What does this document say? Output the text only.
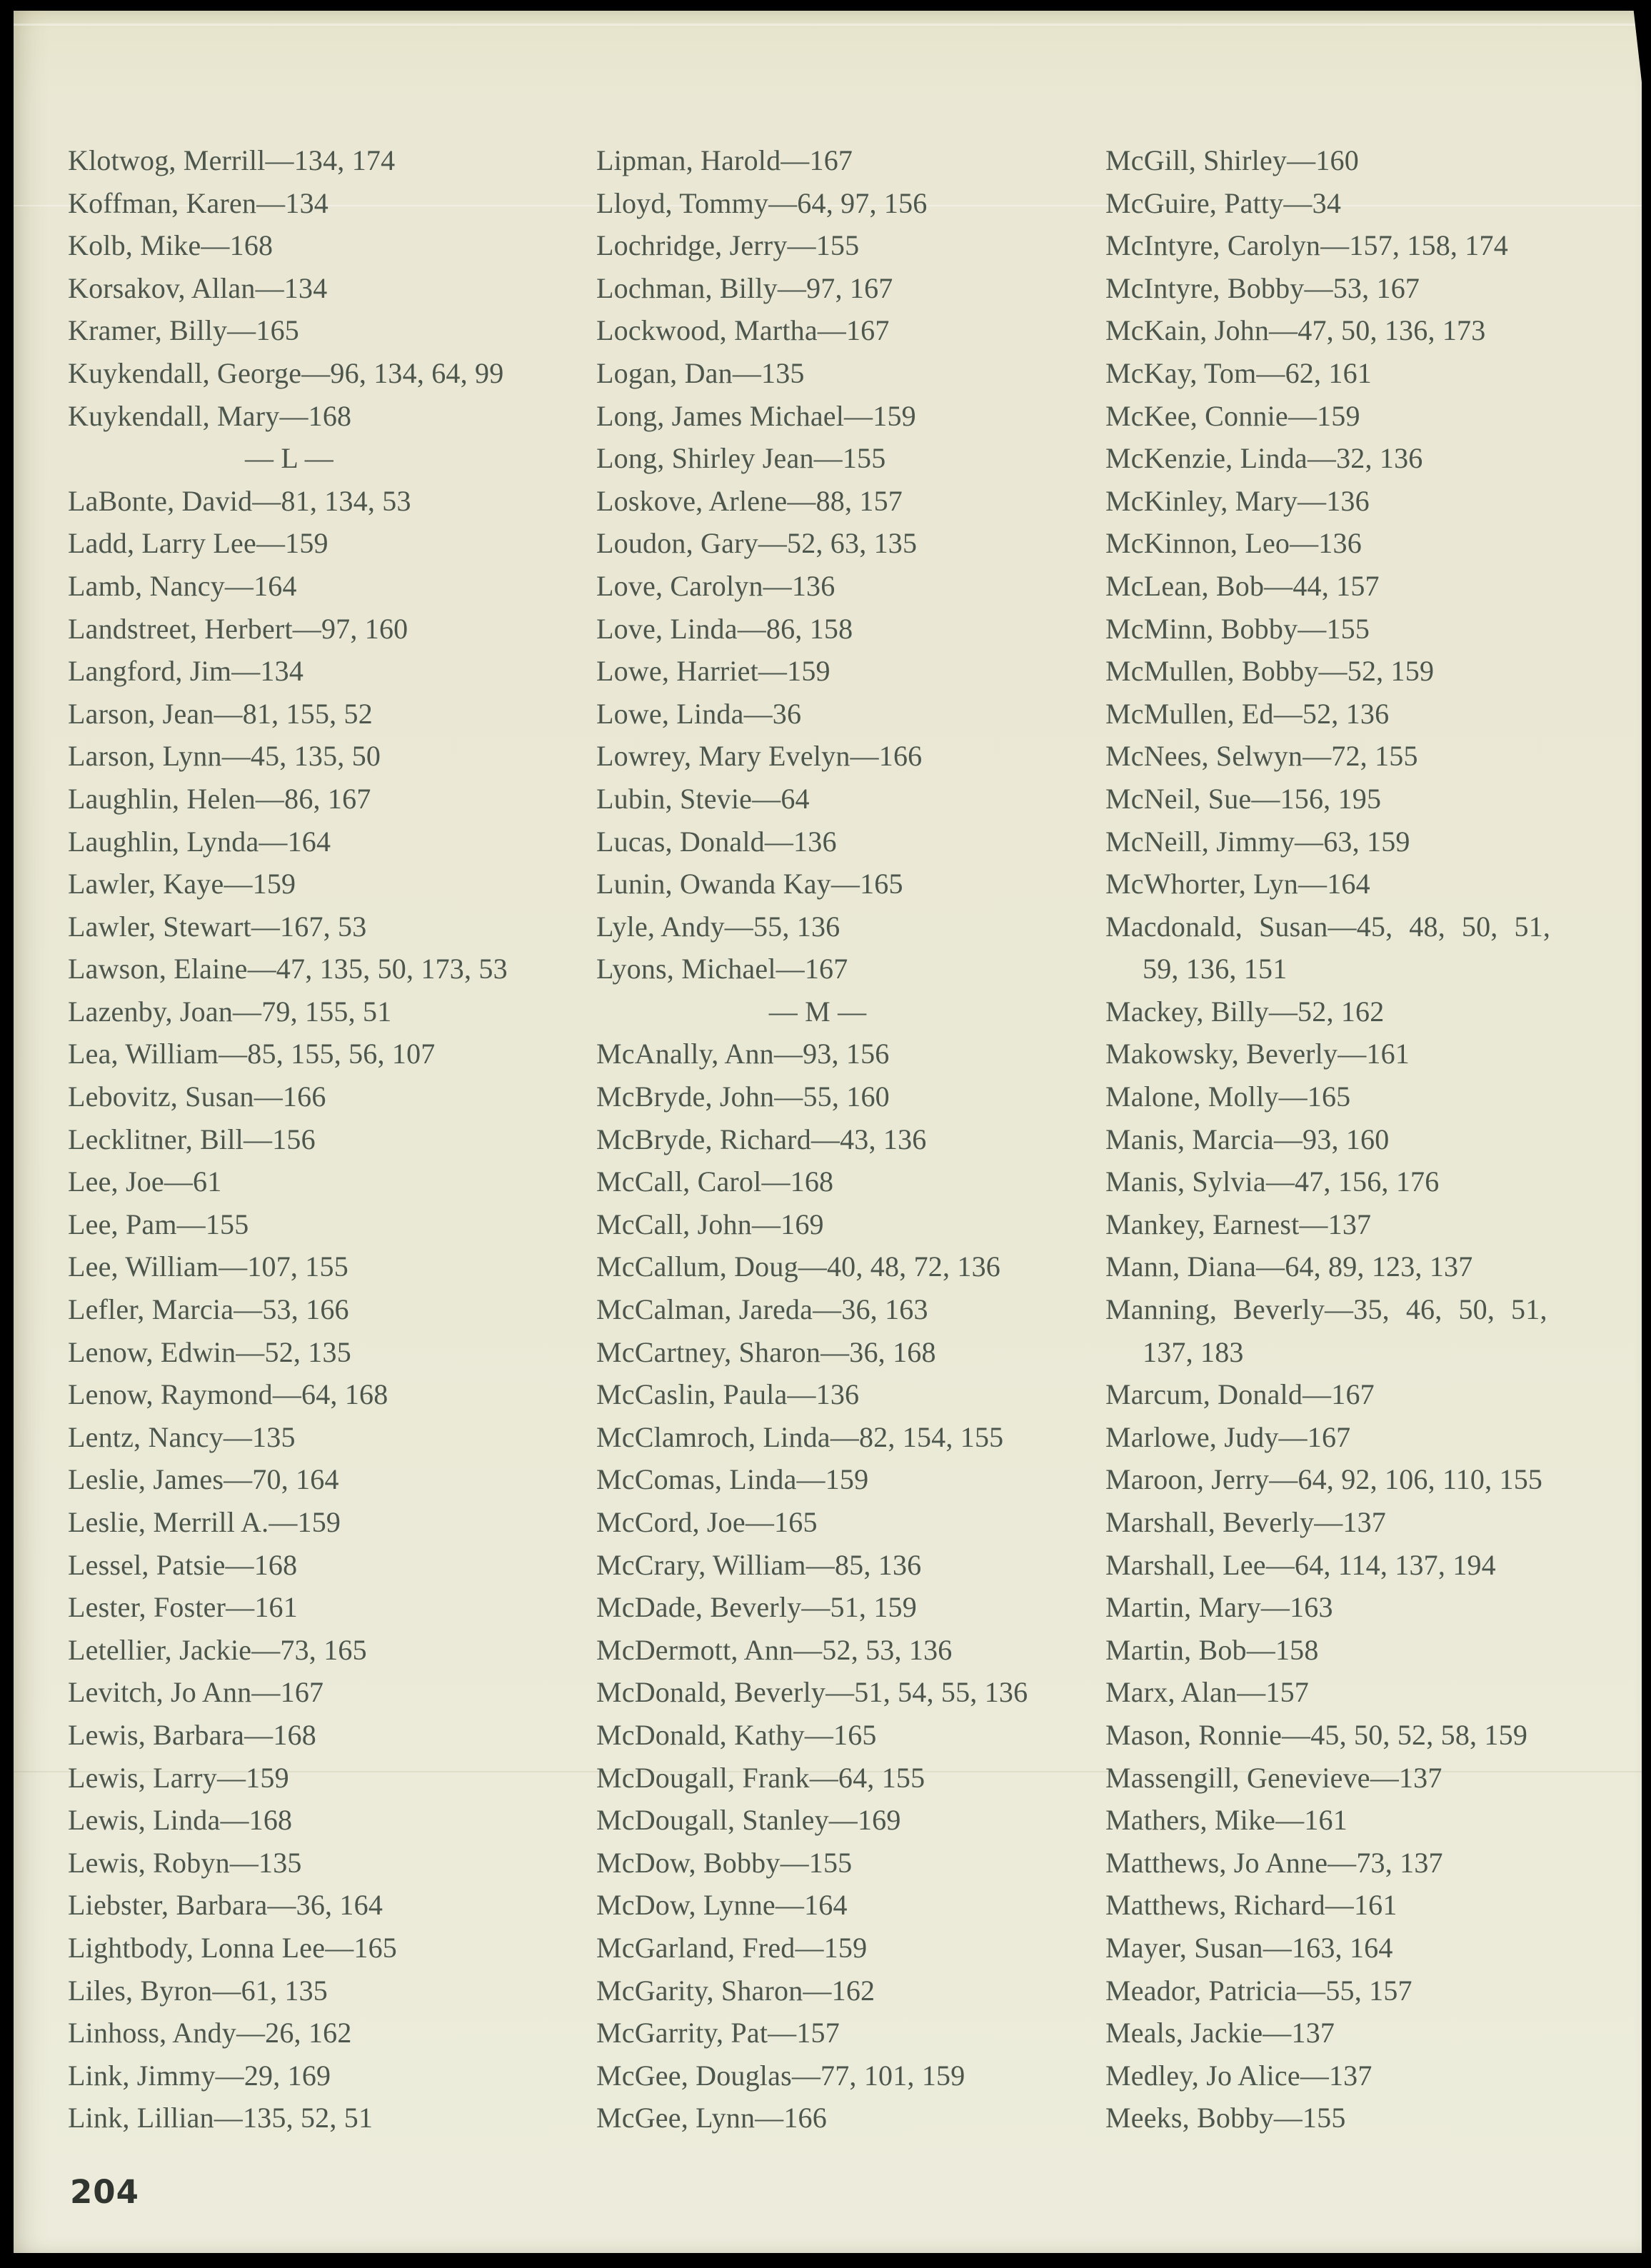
Klotwog, Merrill—134, 174
Koffman, Karen—134
Kolb, Mike—168
Korsakov, Allan—134
Kramer, Billy—165
Kuykendall, George—96, 134, 64, 99
Kuykendall, Mary—168
— L —
LaBonte, David—81, 134, 53
Ladd, Larry Lee—159
Lamb, Nancy—164
Landstreet, Herbert—97, 160
Langford, Jim—134
Larson, Jean—81, 155, 52
Larson, Lynn—45, 135, 50
Laughlin, Helen—86, 167
Laughlin, Lynda—164
Lawler, Kaye—159
Lawler, Stewart—167, 53
Lawson, Elaine—47, 135, 50, 173, 53
Lazenby, Joan—79, 155, 51
Lea, William—85, 155, 56, 107
Lebovitz, Susan—166
Lecklitner, Bill—156
Lee, Joe—61
Lee, Pam—155
Lee, William—107, 155
Lefler, Marcia—53, 166
Lenow, Edwin—52, 135
Lenow, Raymond—64, 168
Lentz, Nancy—135
Leslie, James—70, 164
Leslie, Merrill A.—159
Lessel, Patsie—168
Lester, Foster—161
Letellier, Jackie—73, 165
Levitch, Jo Ann—167
Lewis, Barbara—168
Lewis, Larry—159
Lewis, Linda—168
Lewis, Robyn—135
Liebster, Barbara—36, 164
Lightbody, Lonna Lee—165
Liles, Byron—61, 135
Linhoss, Andy—26, 162
Link, Jimmy—29, 169
Link, Lillian—135, 52, 51
Lipman, Harold—167
Lloyd, Tommy—64, 97, 156
Lochridge, Jerry—155
Lochman, Billy—97, 167
Lockwood, Martha—167
Logan, Dan—135
Long, James Michael—159
Long, Shirley Jean—155
Loskove, Arlene—88, 157
Loudon, Gary—52, 63, 135
Love, Carolyn—136
Love, Linda—86, 158
Lowe, Harriet—159
Lowe, Linda—36
Lowrey, Mary Evelyn—166
Lubin, Stevie—64
Lucas, Donald—136
Lunin, Owanda Kay—165
Lyle, Andy—55, 136
Lyons, Michael—167
— M —
McAnally, Ann—93, 156
McBryde, John—55, 160
McBryde, Richard—43, 136
McCall, Carol—168
McCall, John—169
McCallum, Doug—40, 48, 72, 136
McCalman, Jareda—36, 163
McCartney, Sharon—36, 168
McCaslin, Paula—136
McClamroch, Linda—82, 154, 155
McComas, Linda—159
McCord, Joe—165
McCrary, William—85, 136
McDade, Beverly—51, 159
McDermott, Ann—52, 53, 136
McDonald, Beverly—51, 54, 55, 136
McDonald, Kathy—165
McDougall, Frank—64, 155
McDougall, Stanley—169
McDow, Bobby—155
McDow, Lynne—164
McGarland, Fred—159
McGarity, Sharon—162
McGarrity, Pat—157
McGee, Douglas—77, 101, 159
McGee, Lynn—166
McGill, Shirley—160
McGuire, Patty—34
McIntyre, Carolyn—157, 158, 174
McIntyre, Bobby—53, 167
McKain, John—47, 50, 136, 173
McKay, Tom—62, 161
McKee, Connie—159
McKenzie, Linda—32, 136
McKinley, Mary—136
McKinnon, Leo—136
McLean, Bob—44, 157
McMinn, Bobby—155
McMullen, Bobby—52, 159
McMullen, Ed—52, 136
McNees, Selwyn—72, 155
McNeil, Sue—156, 195
McNeill, Jimmy—63, 159
McWhorter, Lyn—164
Macdonald, Susan—45, 48, 50, 51,
59, 136, 151
Mackey, Billy—52, 162
Makowsky, Beverly—161
Malone, Molly—165
Manis, Marcia—93, 160
Manis, Sylvia—47, 156, 176
Mankey, Earnest—137
Mann, Diana—64, 89, 123, 137
Manning, Beverly—35, 46, 50, 51,
137, 183
Marcum, Donald—167
Marlowe, Judy—167
Maroon, Jerry—64, 92, 106, 110, 155
Marshall, Beverly—137
Marshall, Lee—64, 114, 137, 194
Martin, Mary—163
Martin, Bob—158
Marx, Alan—157
Mason, Ronnie—45, 50, 52, 58, 159
Massengill, Genevieve—137
Mathers, Mike—161
Matthews, Jo Anne—73, 137
Matthews, Richard—161
Mayer, Susan—163, 164
Meador, Patricia—55, 157
Meals, Jackie—137
Medley, Jo Alice—137
Meeks, Bobby—155
204
